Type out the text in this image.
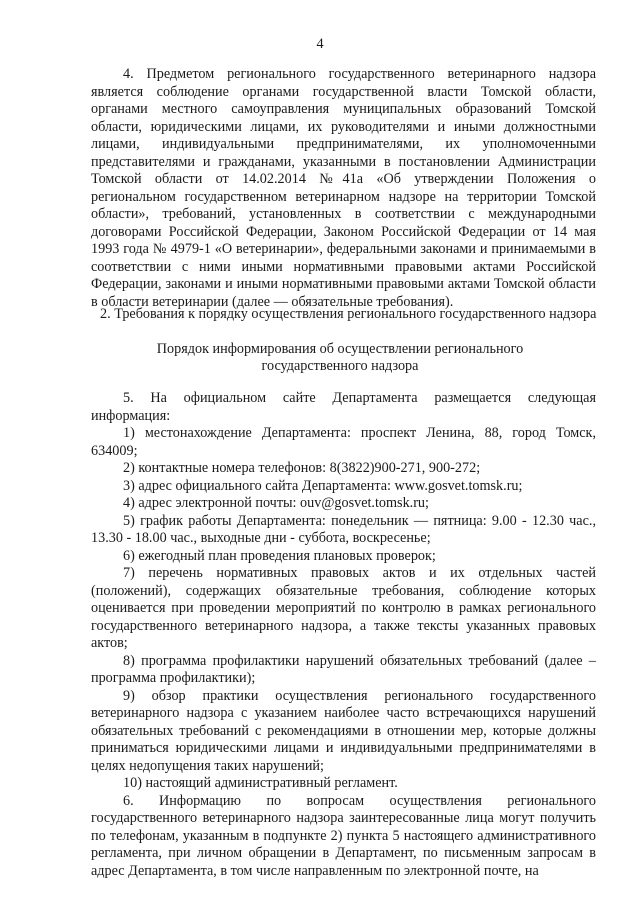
4

4. Предметом регионального государственного ветеринарного надзора является соблюдение органами государственной власти Томской области, органами местного самоуправления муниципальных образований Томской области, юридическими лицами, их руководителями и иными должностными лицами, индивидуальными предпринимателями, их уполномоченными представителями и гражданами, указанными в постановлении Администрации Томской области от 14.02.2014 №41а «Об утверждении Положения о региональном государственном ветеринарном надзоре на территории Томской области», требований, установленных в соответствии с международными договорами Российской Федерации, Законом Российской Федерации от 14 мая 1993 года № 4979-1 «О ветеринарии», федеральными законами и принимаемыми в соответствии с ними иными нормативными правовыми актами Российской Федерации, законами и иными нормативными правовыми актами Томской области в области ветеринарии (далее — обязательные требования).

2. Требования к порядку осуществления регионального государственного надзора
Порядок информирования об осуществлении регионального
государственного надзора

5. На официальном сайте Департамента размещается следующая информация:

1) местонахождение Департамента: проспект Ленина, 88, город Томск, 634009;

2) контактные номера телефонов: 8(3822)900-271, 900-272;

3) адрес официального сайта Департамента: www.gosvet.tomsk.ru;

4) адрес электронной почты: ouv@gosvet.tomsk.ru;

5) график работы Департамента: понедельник — пятница: 9.00 - 12.30 час., 13.30 - 18.00 час., выходные дни - суббота, воскресенье;

6) ежегодный план проведения плановых проверок;

7) перечень нормативных правовых актов и их отдельных частей (положений), содержащих обязательные требования, соблюдение которых оценивается при проведении мероприятий по контролю в рамках регионального государственного ветеринарного надзора, а также тексты указанных правовых актов;

8) программа профилактики нарушений обязательных требований (далее – программа профилактики);

9) обзор практики осуществления регионального государственного ветеринарного надзора с указанием наиболее часто встречающихся нарушений обязательных требований с рекомендациями в отношении мер, которые должны приниматься юридическими лицами и индивидуальными предпринимателями в целях недопущения таких нарушений;

10) настоящий административный регламент.

6. Информацию по вопросам осуществления регионального государственного ветеринарного надзора заинтересованные лица могут получить по телефонам, указанным в подпункте 2) пункта 5 настоящего административного регламента, при личном обращении в Департамент, по письменным запросам в адрес Департамента, в том числе направленным по электронной почте, на
